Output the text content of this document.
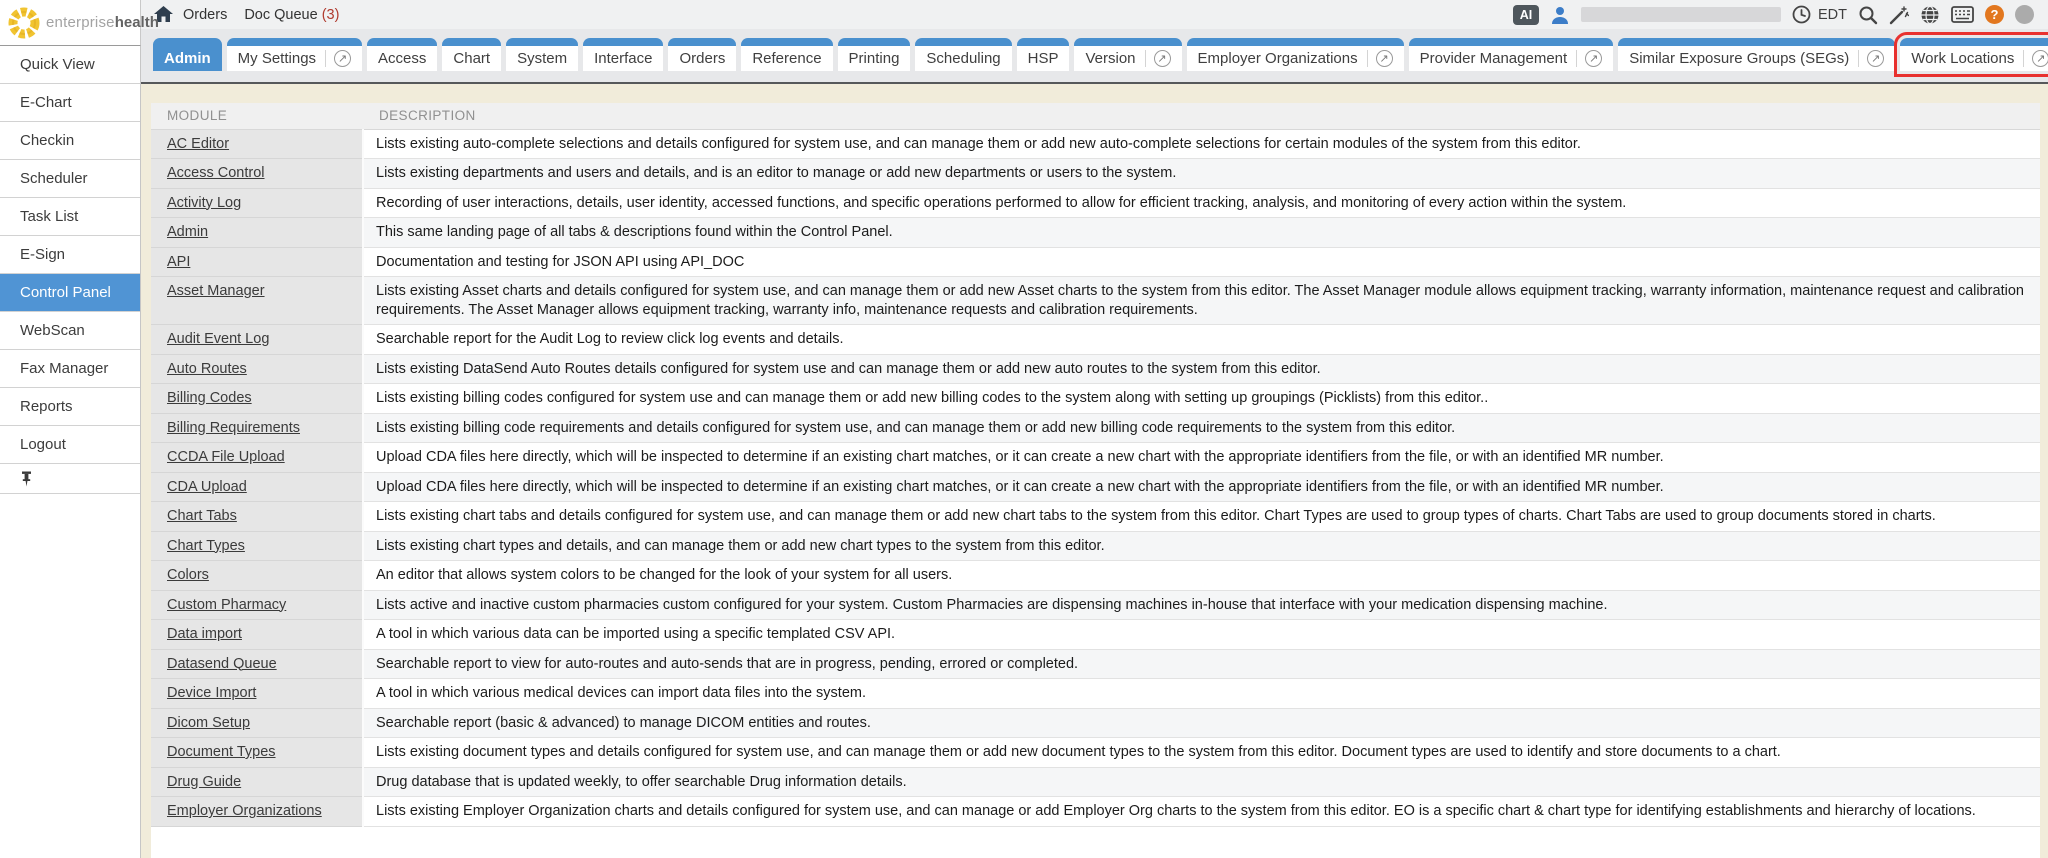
enterprisehealth Orders Doc Queue (3)	AI	EDT	?
Admin My Settings	↗ Access Chart System Interface Orders Reference Printing Scheduling HSP Version	↗ Employer Organizations	↗ Provider Management	↗ Similar Exposure Groups (SEGs)	↗ Work Locations	↗
Quick View
E-Chart
Checkin
Scheduler
Task List
E-Sign
Control Panel
WebScan
Fax Manager
Reports
Logout
MODULE	DESCRIPTION
AC Editor	Lists existing auto-complete selections and details configured for system use, and can manage them or add new auto-complete selections for certain modules of the system from this editor.
Access Control	Lists existing departments and users and details, and is an editor to manage or add new departments or users to the system.
Activity Log	Recording of user interactions, details, user identity, accessed functions, and specific operations performed to allow for efficient tracking, analysis, and monitoring of every action within the system.
Admin	This same landing page of all tabs & descriptions found within the Control Panel.
API	Documentation and testing for JSON API using API_DOC
Asset Manager	Lists existing Asset charts and details configured for system use, and can manage them or add new Asset charts to the system from this editor. The Asset Manager module allows equipment tracking, warranty information, maintenance request and calibration requirements. The Asset Manager allows equipment tracking, warranty info, maintenance requests and calibration requirements.
Audit Event Log	Searchable report for the Audit Log to review click log events and details.
Auto Routes	Lists existing DataSend Auto Routes details configured for system use and can manage them or add new auto routes to the system from this editor.
Billing Codes	Lists existing billing codes configured for system use and can manage them or add new billing codes to the system along with setting up groupings (Picklists) from this editor..
Billing Requirements	Lists existing billing code requirements and details configured for system use, and can manage them or add new billing code requirements to the system from this editor.
CCDA File Upload	Upload CDA files here directly, which will be inspected to determine if an existing chart matches, or it can create a new chart with the appropriate identifiers from the file, or with an identified MR number.
CDA Upload	Upload CDA files here directly, which will be inspected to determine if an existing chart matches, or it can create a new chart with the appropriate identifiers from the file, or with an identified MR number.
Chart Tabs	Lists existing chart tabs and details configured for system use, and can manage them or add new chart tabs to the system from this editor. Chart Types are used to group types of charts. Chart Tabs are used to group documents stored in charts.
Chart Types	Lists existing chart types and details, and can manage them or add new chart types to the system from this editor.
Colors	An editor that allows system colors to be changed for the look of your system for all users.
Custom Pharmacy	Lists active and inactive custom pharmacies custom configured for your system. Custom Pharmacies are dispensing machines in-house that interface with your medication dispensing machine.
Data import	A tool in which various data can be imported using a specific templated CSV API.
Datasend Queue	Searchable report to view for auto-routes and auto-sends that are in progress, pending, errored or completed.
Device Import	A tool in which various medical devices can import data files into the system.
Dicom Setup	Searchable report (basic & advanced) to manage DICOM entities and routes.
Document Types	Lists existing document types and details configured for system use, and can manage them or add new document types to the system from this editor. Document types are used to identify and store documents to a chart.
Drug Guide	Drug database that is updated weekly, to offer searchable Drug information details.
Employer Organizations	Lists existing Employer Organization charts and details configured for system use, and can manage or add Employer Org charts to the system from this editor. EO is a specific chart & chart type for identifying establishments and hierarchy of locations.
